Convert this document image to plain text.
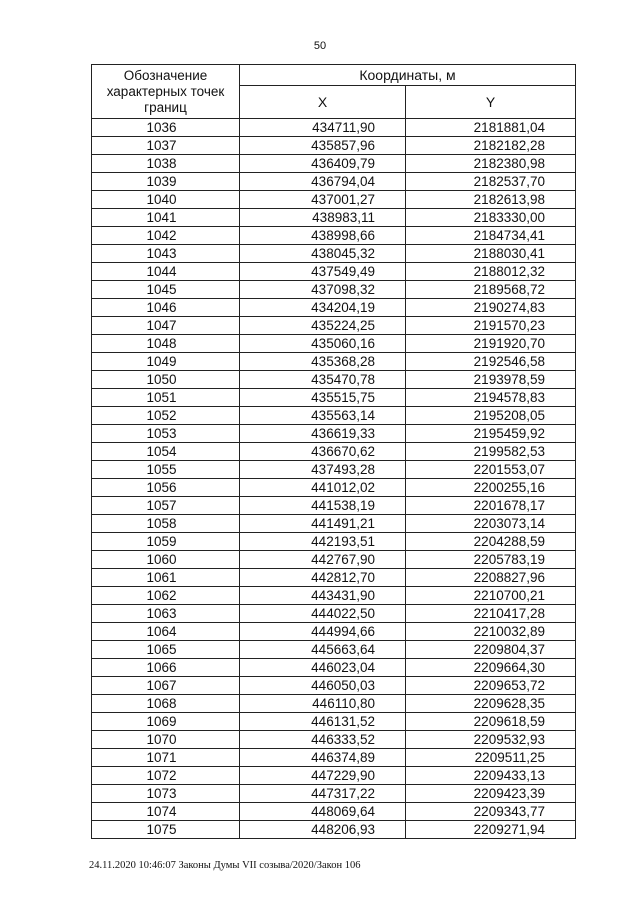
50
Обозначение характерных точек границ	Координаты, м	
	X	Y
1036	434711,90	2181881,04
1037	435857,96	2182182,28
1038	436409,79	2182380,98
1039	436794,04	2182537,70
1040	437001,27	2182613,98
1041	438983,11	2183330,00
1042	438998,66	2184734,41
1043	438045,32	2188030,41
1044	437549,49	2188012,32
1045	437098,32	2189568,72
1046	434204,19	2190274,83
1047	435224,25	2191570,23
1048	435060,16	2191920,70
1049	435368,28	2192546,58
1050	435470,78	2193978,59
1051	435515,75	2194578,83
1052	435563,14	2195208,05
1053	436619,33	2195459,92
1054	436670,62	2199582,53
1055	437493,28	2201553,07
1056	441012,02	2200255,16
1057	441538,19	2201678,17
1058	441491,21	2203073,14
1059	442193,51	2204288,59
1060	442767,90	2205783,19
1061	442812,70	2208827,96
1062	443431,90	2210700,21
1063	444022,50	2210417,28
1064	444994,66	2210032,89
1065	445663,64	2209804,37
1066	446023,04	2209664,30
1067	446050,03	2209653,72
1068	446110,80	2209628,35
1069	446131,52	2209618,59
1070	446333,52	2209532,93
1071	446374,89	2209511,25
1072	447229,90	2209433,13
1073	447317,22	2209423,39
1074	448069,64	2209343,77
1075	448206,93	2209271,94
24.11.2020 10:46:07 Законы Думы VII созыва/2020/Закон 106
